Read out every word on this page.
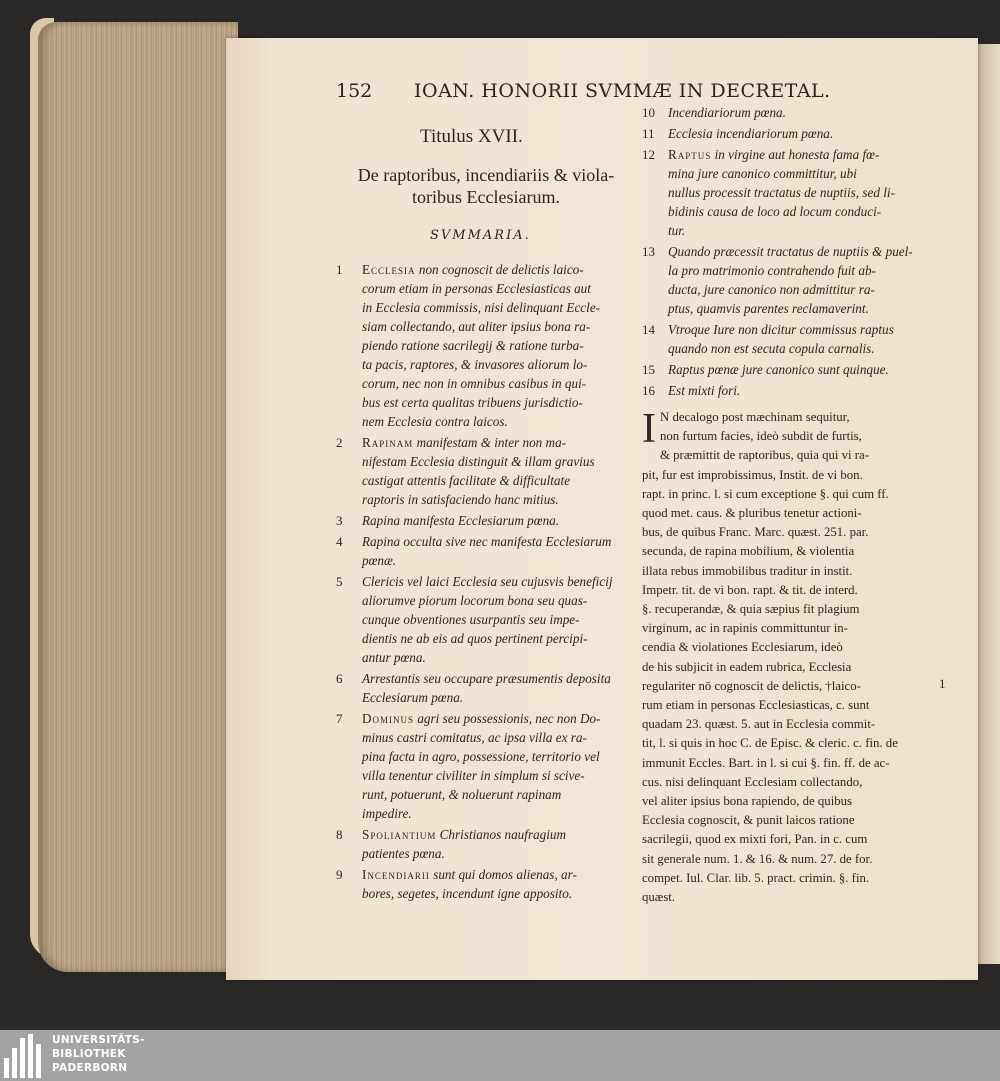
152 IOAN. HONORII SVMMÆ IN DECRETAL.
Titulus XVII.
De raptoribus, incendiariis & viola-
toribus Ecclesiarum.
SVMMARIA.
1	Ecclesia non cognoscit de delictis laico-
corum etiam in personas Ecclesiasticas aut
in Ecclesia commissis, nisi delinquant Eccle-
siam collectando, aut aliter ipsius bona ra-
piendo ratione sacrilegij & ratione turba-
ta pacis, raptores, & invasores aliorum lo-
corum, nec non in omnibus casibus in qui-
bus est certa qualitas tribuens jurisdictio-
nem Ecclesia contra laicos.
2	Rapinam manifestam & inter non ma-
nifestam Ecclesia distinguit & illam gravius
castigat attentis facilitate & difficultate
raptoris in satisfaciendo hanc mitius.
3	Rapina manifesta Ecclesiarum pœna.
4	Rapina occulta sive nec manifesta Ecclesiarum
pœnæ.
5	Clericis vel laici Ecclesia seu cujusvis beneficij
aliorumve piorum locorum bona seu quas-
cunque obventiones usurpantis seu impe-
dientis ne ab eis ad quos pertinent percipi-
antur pœna.
6	Arrestantis seu occupare præsumentis deposita
Ecclesiarum pœna.
7	Dominus agri seu possessionis, nec non Do-
minus castri comitatus, ac ipsa villa ex ra-
pina facta in agro, possessione, territorio vel
villa tenentur civiliter in simplum si scive-
runt, potuerunt, & noluerunt rapinam
impedire.
8	Spoliantium Christianos naufragium
patientes pœna.
9	Incendiarii sunt qui domos alienas, ar-
bores, segetes, incendunt igne apposito.
10 Incendiariorum pœna.
11	Ecclesia incendiariorum pœna.
12 Raptus in virgine aut honesta fama fœ-
mina jure canonico committitur, ubi
nullus processit tractatus de nuptiis, sed li-
bidinis causa de loco ad locum conduci-
tur.
13 Quando præcessit tractatus de nuptiis & puel-
la pro matrimonio contrahendo fuit ab-
ducta, jure canonico non admittitur ra-
ptus, quamvis parentes reclamaverint.
14 Vtroque Iure non dicitur commissus raptus
quando non est secuta copula carnalis.
15 Raptus pœnæ jure canonico sunt quinque.
16 Est mixti fori.
I N decalogo post mæchinam sequitur,
non furtum facies, ideò subdit de furtis,
& præmittit de raptoribus, quia qui vi ra-
pit, fur est improbissimus, Instit. de vi bon.
rapt. in princ. l. si cum exceptione §. qui cum ff.
quod met. caus. & pluribus tenetur actioni-
bus, de quibus Franc. Marc. quæst. 251. par.
secunda, de rapina mobilium, & violentia
illata rebus immobilibus traditur in instit.
Impetr. tit. de vi bon. rapt. & tit. de interd.
§. recuperandæ, & quia sæpius fit plagium
virginum, ac in rapinis committuntur in-
cendia & violationes Ecclesiarum, ideò
de his subjicit in eadem rubrica, Ecclesia
regulariter nō cognoscit de delictis, †laico-
rum etiam in personas Ecclesiasticas, c. sunt
quadam 23. quæst. 5. aut in Ecclesia commit-
tit, l. si quis in hoc C. de Episc. & cleric. c. fin. de
immunit Eccles. Bart. in l. si cui §. fin. ff. de ac-
cus. nisi delinquant Ecclesiam collectando,
vel aliter ipsius bona rapiendo, de quibus
Ecclesia cognoscit, & punit laicos ratione
sacrilegii, quod ex mixti fori, Pan. in c. cum
sit generale num. 1. & 16. & num. 27. de for.
compet. Iul. Clar. lib. 5. pract. crimin. §. fin.
quæst.
1
UNIVERSITÄTS-
BIBLIOTHEK
PADERBORN
